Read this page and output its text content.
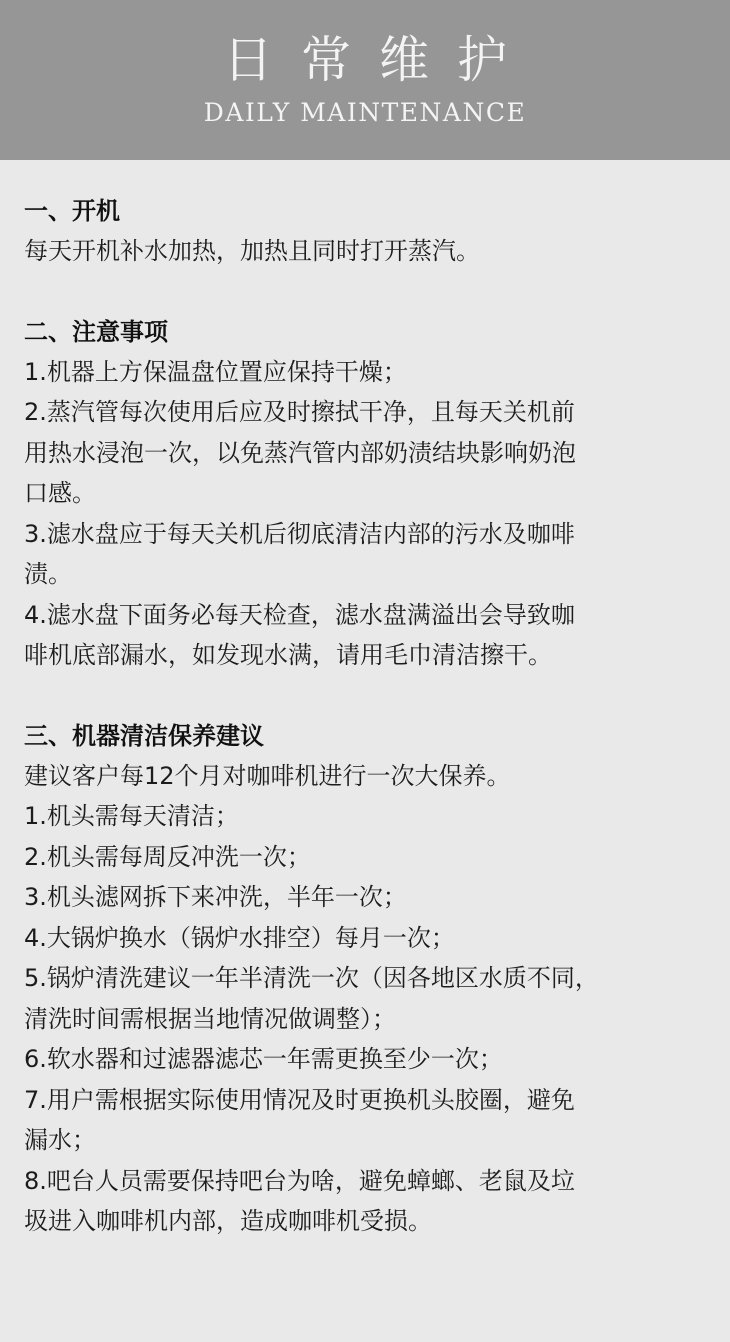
日常维护
DAILY MAINTENANCE
一、开机
每天开机补水加热，加热且同时打开蒸汽。
二、注意事项
1.机器上方保温盘位置应保持干燥；
2.蒸汽管每次使用后应及时擦拭干净，且每天关机前
用热水浸泡一次，以免蒸汽管内部奶渍结块影响奶泡
口感。
3.滤水盘应于每天关机后彻底清洁内部的污水及咖啡
渍。
4.滤水盘下面务必每天检查，滤水盘满溢出会导致咖
啡机底部漏水，如发现水满，请用毛巾清洁擦干。
三、机器清洁保养建议
建议客户每12个月对咖啡机进行一次大保养。
1.机头需每天清洁；
2.机头需每周反冲洗一次；
3.机头滤网拆下来冲洗，半年一次；
4.大锅炉换水（锅炉水排空）每月一次；
5.锅炉清洗建议一年半清洗一次（因各地区水质不同，
清洗时间需根据当地情况做调整）；
6.软水器和过滤器滤芯一年需更换至少一次；
7.用户需根据实际使用情况及时更换机头胶圈，避免
漏水；
8.吧台人员需要保持吧台为啥，避免蟑螂、老鼠及垃
圾进入咖啡机内部，造成咖啡机受损。
